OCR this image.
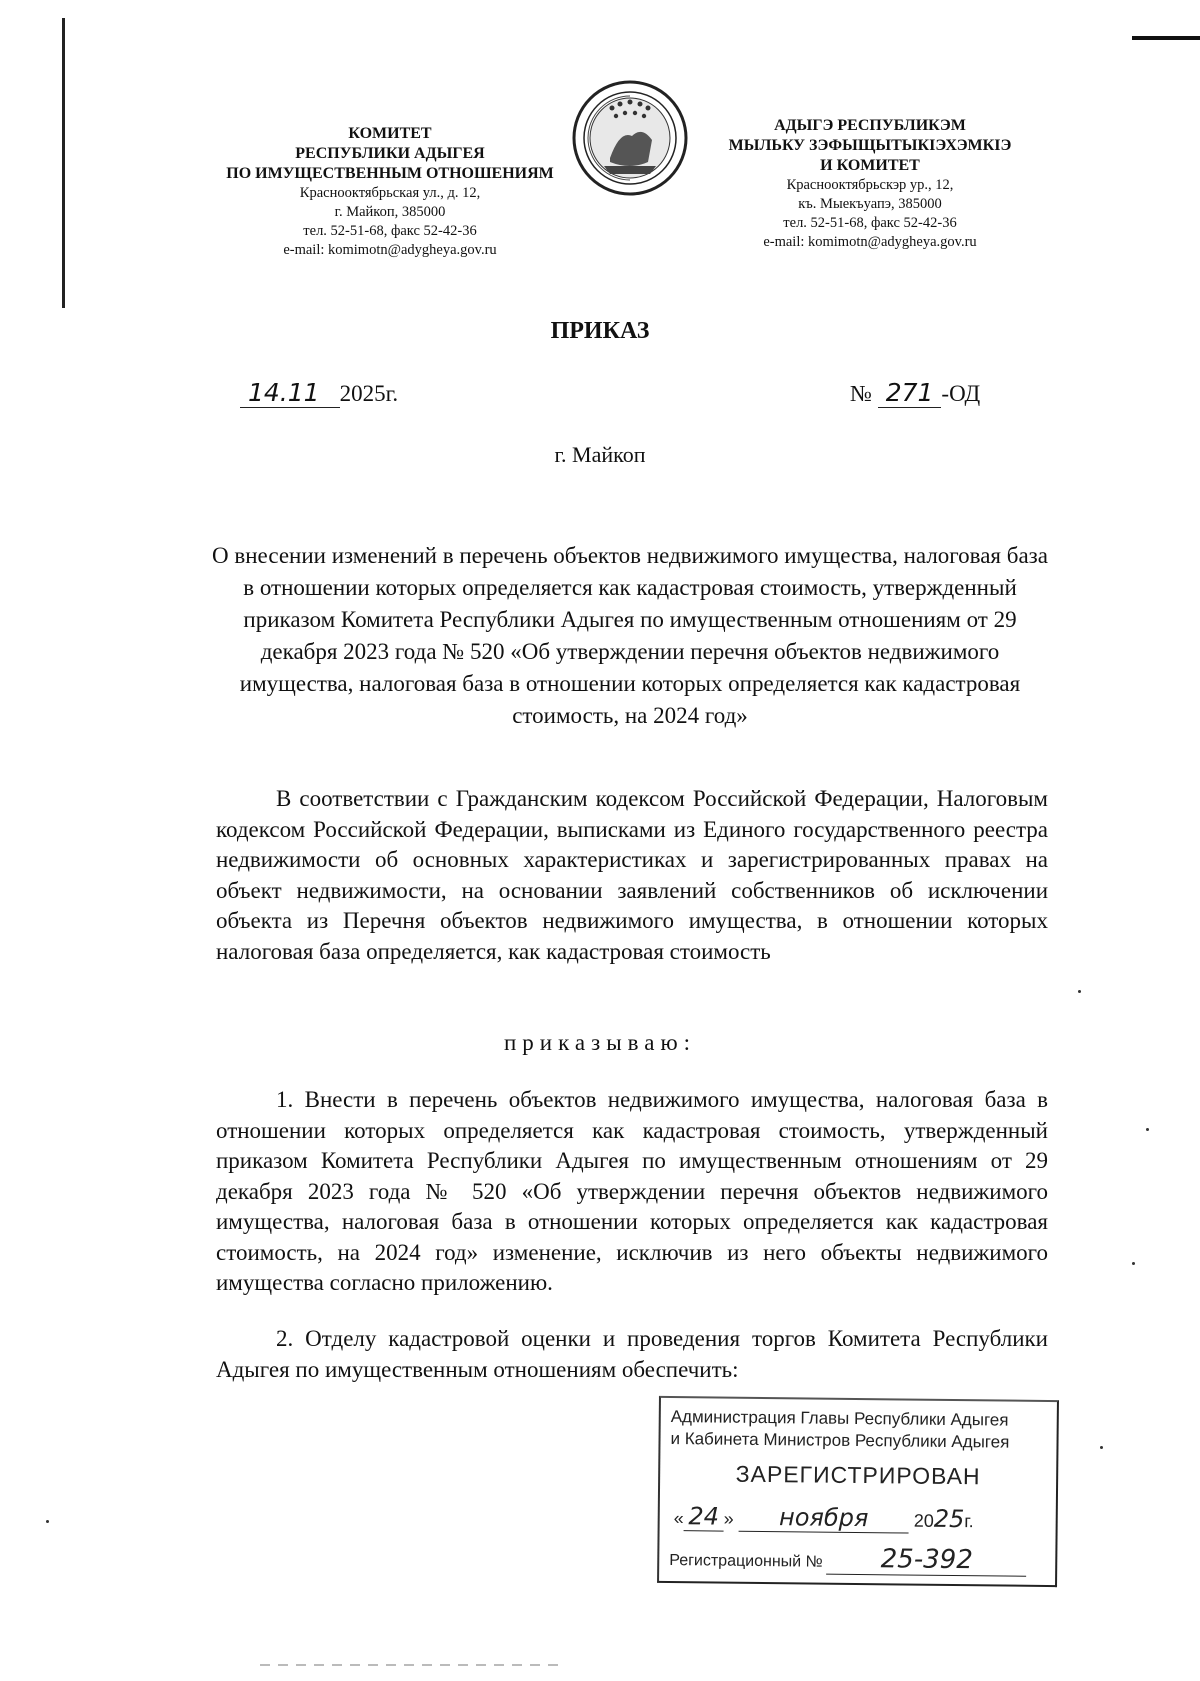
КОМИТЕТ
РЕСПУБЛИКИ АДЫГЕЯ
ПО ИМУЩЕСТВЕННЫМ ОТНОШЕНИЯМ
Краснооктябрьская ул., д. 12,
г. Майкоп, 385000
тел. 52-51-68, факс 52-42-36
e-mail: komimotn@adygheya.gov.ru
АДЫГЭ РЕСПУБЛИКЭМ
МЫЛЬКУ ЗЭФЫЩЫТЫКІЭХЭМКІЭ
И КОМИТЕТ
Краснооктябрьскэр ур., 12,
къ. Мыекъуапэ, 385000
тел. 52-51-68, факс 52-42-36
e-mail: komimotn@adygheya.gov.ru
ПРИКАЗ
14.11 2025г.	№ 271 -ОД
г. Майкоп
О внесении изменений в перечень объектов недвижимого имущества, налоговая база в отношении которых определяется как кадастровая стоимость, утвержденный приказом Комитета Республики Адыгея по имущественным отношениям от 29 декабря 2023 года № 520 «Об утверждении перечня объектов недвижимого имущества, налоговая база в отношении которых определяется как кадастровая стоимость, на 2024 год»
В соответствии с Гражданским кодексом Российской Федерации, Налоговым кодексом Российской Федерации, выписками из Единого государственного реестра недвижимости об основных характеристиках и зарегистрированных правах на объект недвижимости, на основании заявлений собственников об исключении объекта из Перечня объектов недвижимого имущества, в отношении которых налоговая база определяется, как кадастровая стоимость
приказываю:
1. Внести в перечень объектов недвижимого имущества, налоговая база в отношении которых определяется как кадастровая стоимость, утвержденный приказом Комитета Республики Адыгея по имущественным отношениям от 29 декабря 2023 года № 520 «Об утверждении перечня объектов недвижимого имущества, налоговая база в отношении которых определяется как кадастровая стоимость, на 2024 год» изменение, исключив из него объекты недвижимого имущества согласно приложению.
2. Отделу кадастровой оценки и проведения торгов Комитета Республики Адыгея по имущественным отношениям обеспечить:
Администрация Главы Республики Адыгея
и Кабинета Министров Республики Адыгея
ЗАРЕГИСТРИРОВАН
« 24 » ноября	2025г.
Регистрационный № 25-392
